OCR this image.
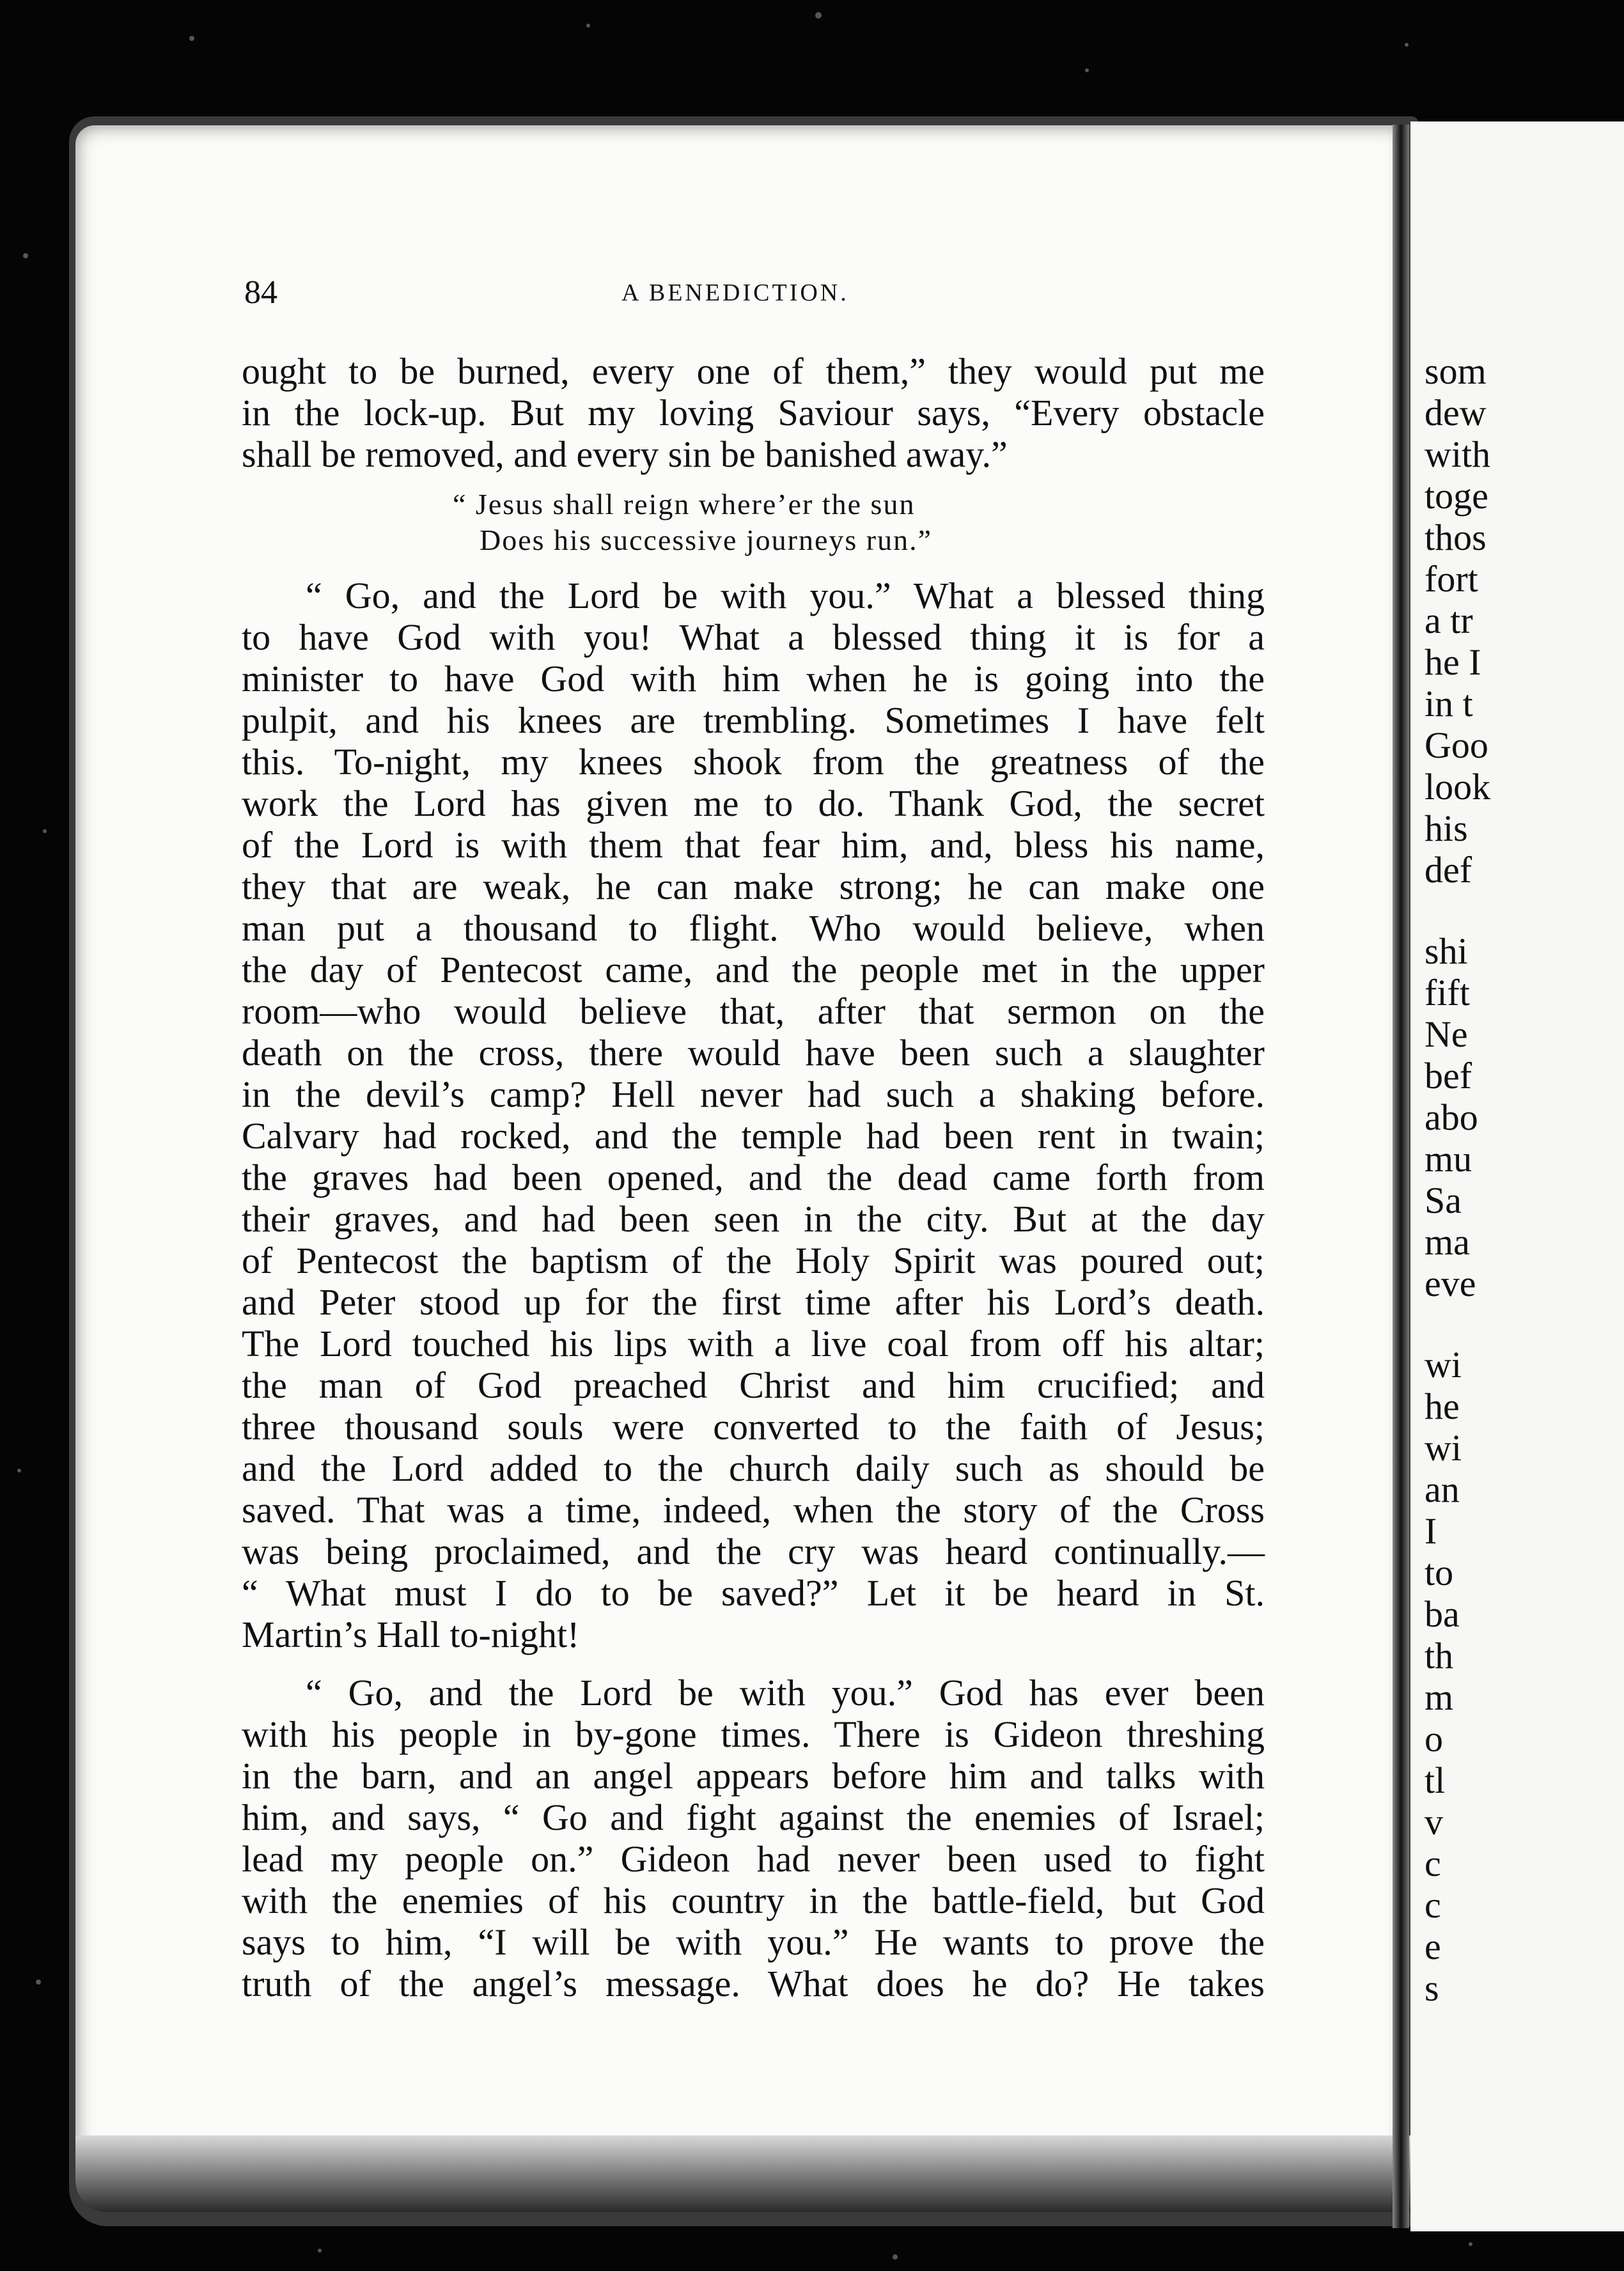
84	A BENEDICTION.
ought to be burned, every one of them,” they would put me
in the lock-up. But my loving Saviour says, “Every obstacle
shall be removed, and every sin be banished away.”
“ Jesus shall reign where’er the sun
Does his successive journeys run.”
“ Go, and the Lord be with you.” What a blessed thing
to have God with you! What a blessed thing it is for a
minister to have God with him when he is going into the
pulpit, and his knees are trembling. Sometimes I have felt
this. To-night, my knees shook from the greatness of the
work the Lord has given me to do. Thank God, the secret
of the Lord is with them that fear him, and, bless his name,
they that are weak, he can make strong; he can make one
man put a thousand to flight. Who would believe, when
the day of Pentecost came, and the people met in the upper
room—who would believe that, after that sermon on the
death on the cross, there would have been such a slaughter
in the devil’s camp? Hell never had such a shaking before.
Calvary had rocked, and the temple had been rent in twain;
the graves had been opened, and the dead came forth from
their graves, and had been seen in the city. But at the day
of Pentecost the baptism of the Holy Spirit was poured out;
and Peter stood up for the first time after his Lord’s death.
The Lord touched his lips with a live coal from off his altar;
the man of God preached Christ and him crucified; and
three thousand souls were converted to the faith of Jesus;
and the Lord added to the church daily such as should be
saved. That was a time, indeed, when the story of the Cross
was being proclaimed, and the cry was heard continually.—
“ What must I do to be saved?” Let it be heard in St.
Martin’s Hall to-night!
“ Go, and the Lord be with you.” God has ever been
with his people in by-gone times. There is Gideon threshing
in the barn, and an angel appears before him and talks with
him, and says, “ Go and fight against the enemies of Israel;
lead my people on.” Gideon had never been used to fight
with the enemies of his country in the battle-field, but God
says to him, “I will be with you.” He wants to prove the
truth of the angel’s message. What does he do? He takes
som
dew
with
toge
thos
fort
a tr
he I
in t
Goo
look
his
def
shi
fift
Ne
bef
abo
mu
Sa
ma
eve
wi
he
wi
an
I
to
ba
th
m
o
tl
v
c
c
e
s
